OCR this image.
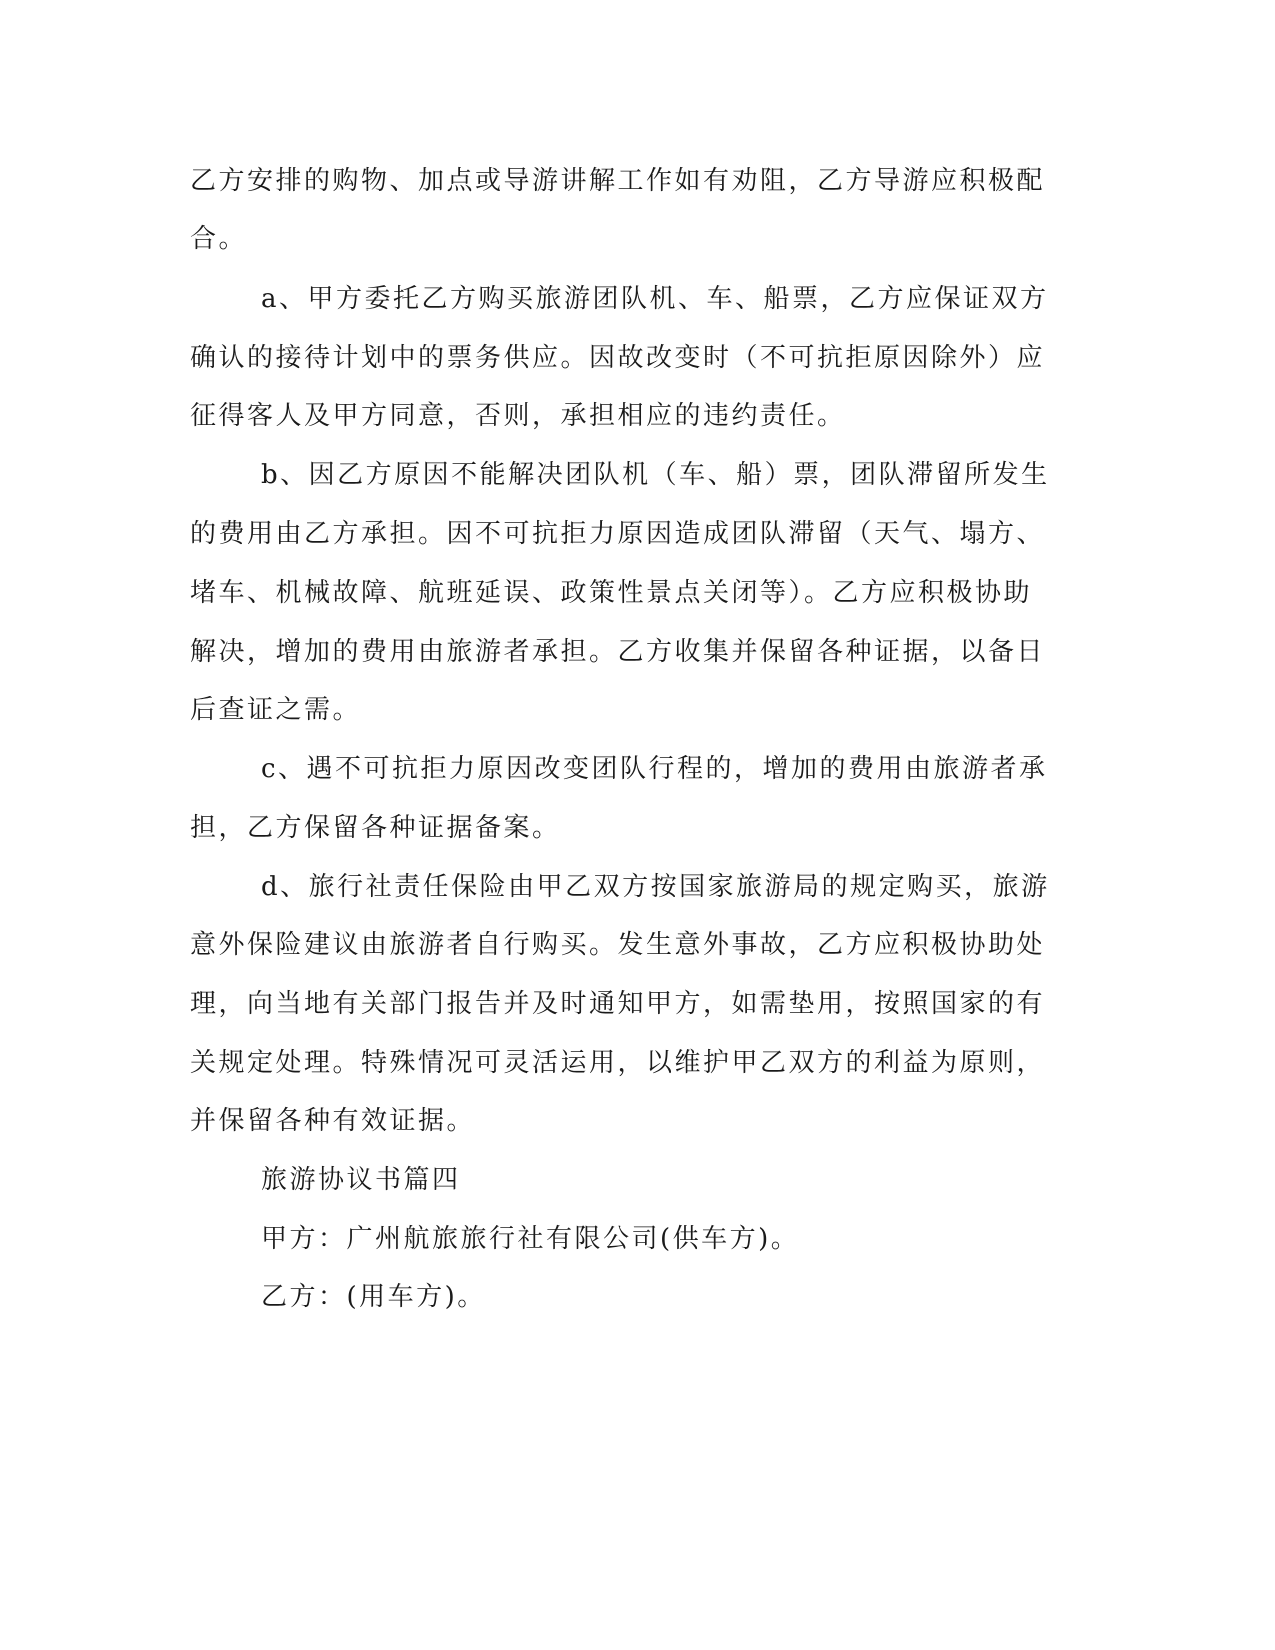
乙方安排的购物、加点或导游讲解工作如有劝阻，乙方导游应积极配
合。
a、甲方委托乙方购买旅游团队机、车、船票，乙方应保证双方
确认的接待计划中的票务供应。因故改变时（不可抗拒原因除外）应
征得客人及甲方同意，否则，承担相应的违约责任。
b、因乙方原因不能解决团队机（车、船）票，团队滞留所发生
的费用由乙方承担。因不可抗拒力原因造成团队滞留（天气、塌方、
堵车、机械故障、航班延误、政策性景点关闭等）。乙方应积极协助
解决，增加的费用由旅游者承担。乙方收集并保留各种证据，以备日
后查证之需。
c、遇不可抗拒力原因改变团队行程的，增加的费用由旅游者承
担，乙方保留各种证据备案。
d、旅行社责任保险由甲乙双方按国家旅游局的规定购买，旅游
意外保险建议由旅游者自行购买。发生意外事故，乙方应积极协助处
理，向当地有关部门报告并及时通知甲方，如需垫用，按照国家的有
关规定处理。特殊情况可灵活运用，以维护甲乙双方的利益为原则，
并保留各种有效证据。
旅游协议书篇四
甲方：广州航旅旅行社有限公司(供车方)。
乙方：(用车方)。
